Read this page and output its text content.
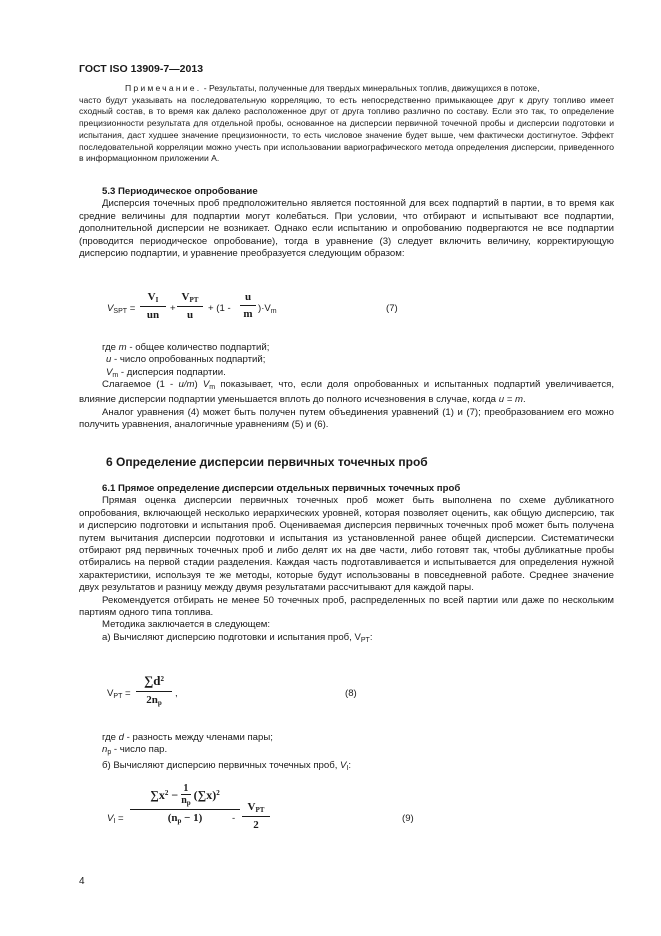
ГОСТ ISO 13909-7—2013
Примечание. - Результаты, полученные для твердых минеральных топлив, движущихся в потоке,
часто будут указывать на последовательную корреляцию, то есть непосредственно примыкающее друг к другу топливо имеет сходный состав, в то время как далеко расположенное друг от друга топливо различно по составу. Если это так, то определение прецизионности результата для отдельной пробы, основанное на дисперсии первичной точечной пробы и дисперсии подготовки и испытания, даст худшее значение прецизионности, то есть числовое значение будет выше, чем фактически достигнутое. Эффект последовательной корреляции можно учесть при использовании вариографического метода определения дисперсии, приведенного в информационном приложении А.

5.3 Периодическое опробование

Дисперсия точечных проб предположительно является постоянной для всех подпартий в партии, в то время как средние величины для подпартии могут колебаться. При условии, что отбирают и испытывают все подпартии, дополнительной дисперсии не возникает. Однако если испытанию и опробованию подвергаются не все подпартии (проводится периодическое опробование), тогда в уравнение (3) следует включить величину, корректирующую дисперсию подпартии, и уравнение преобразуется следующим образом:

$V_{SPT}$ =
$V_I$
un
+
$V_{PT}$
u
+ (1 -
u
m )$\cdot V_m$	(7)

где m - общее количество подпартий;

u - число опробованных подпартий;

$V_m$ - дисперсия подпартии.

Слагаемое (1 - u/m) $V_m$ показывает, что, если доля опробованных и испытанных подпартий увеличивается, влияние дисперсии подпартии уменьшается вплоть до полного исчезновения в случае, когда u = m.

Аналог уравнения (4) может быть получен путем объединения уравнений (1) и (7); преобразованием его можно получить уравнения, аналогичные уравнениям (5) и (6).

6 Определение дисперсии первичных точечных проб

6.1 Прямое определение дисперсии отдельных первичных точечных проб

Прямая оценка дисперсии первичных точечных проб может быть выполнена по схеме дубликатного опробования, включающей несколько иерархических уровней, которая позволяет оценить, как общую дисперсию, так и дисперсию подготовки и испытания проб. Оцениваемая дисперсия первичных точечных проб может быть получена путем вычитания дисперсии подготовки и испытания из установленной ранее общей дисперсии. Систематически отбирают ряд первичных точечных проб и либо делят их на две части, либо готовят так, чтобы дубликатные пробы отбирались на первой стадии разделения. Каждая часть подготавливается и испытывается для определения нужной характеристики, используя те же методы, которые будут использованы в повседневной работе. Среднее значение двух результатов и разницу между двумя результатами рассчитывают для каждой пары.

Рекомендуется отбирать не менее 50 точечных проб, распределенных по всей партии или даже по нескольким партиям одного типа топлива.

Методика заключается в следующем:

а) Вычисляют дисперсию подготовки и испытания проб, $V_{PT}$:

$V_{PT}$ =
$\sum d^2$
$2n_p$
,	(8)

где d - разность между членами пары;

$n_p$ - число пар.

б) Вычисляют дисперсию первичных точечных проб, $V_I$:

$V_I$ =
$\sum x^2 - \frac{1}{n_p} (\sum x)^2$
$(n_p - 1)$	-
$V_{PT}$
2
(9)
4
